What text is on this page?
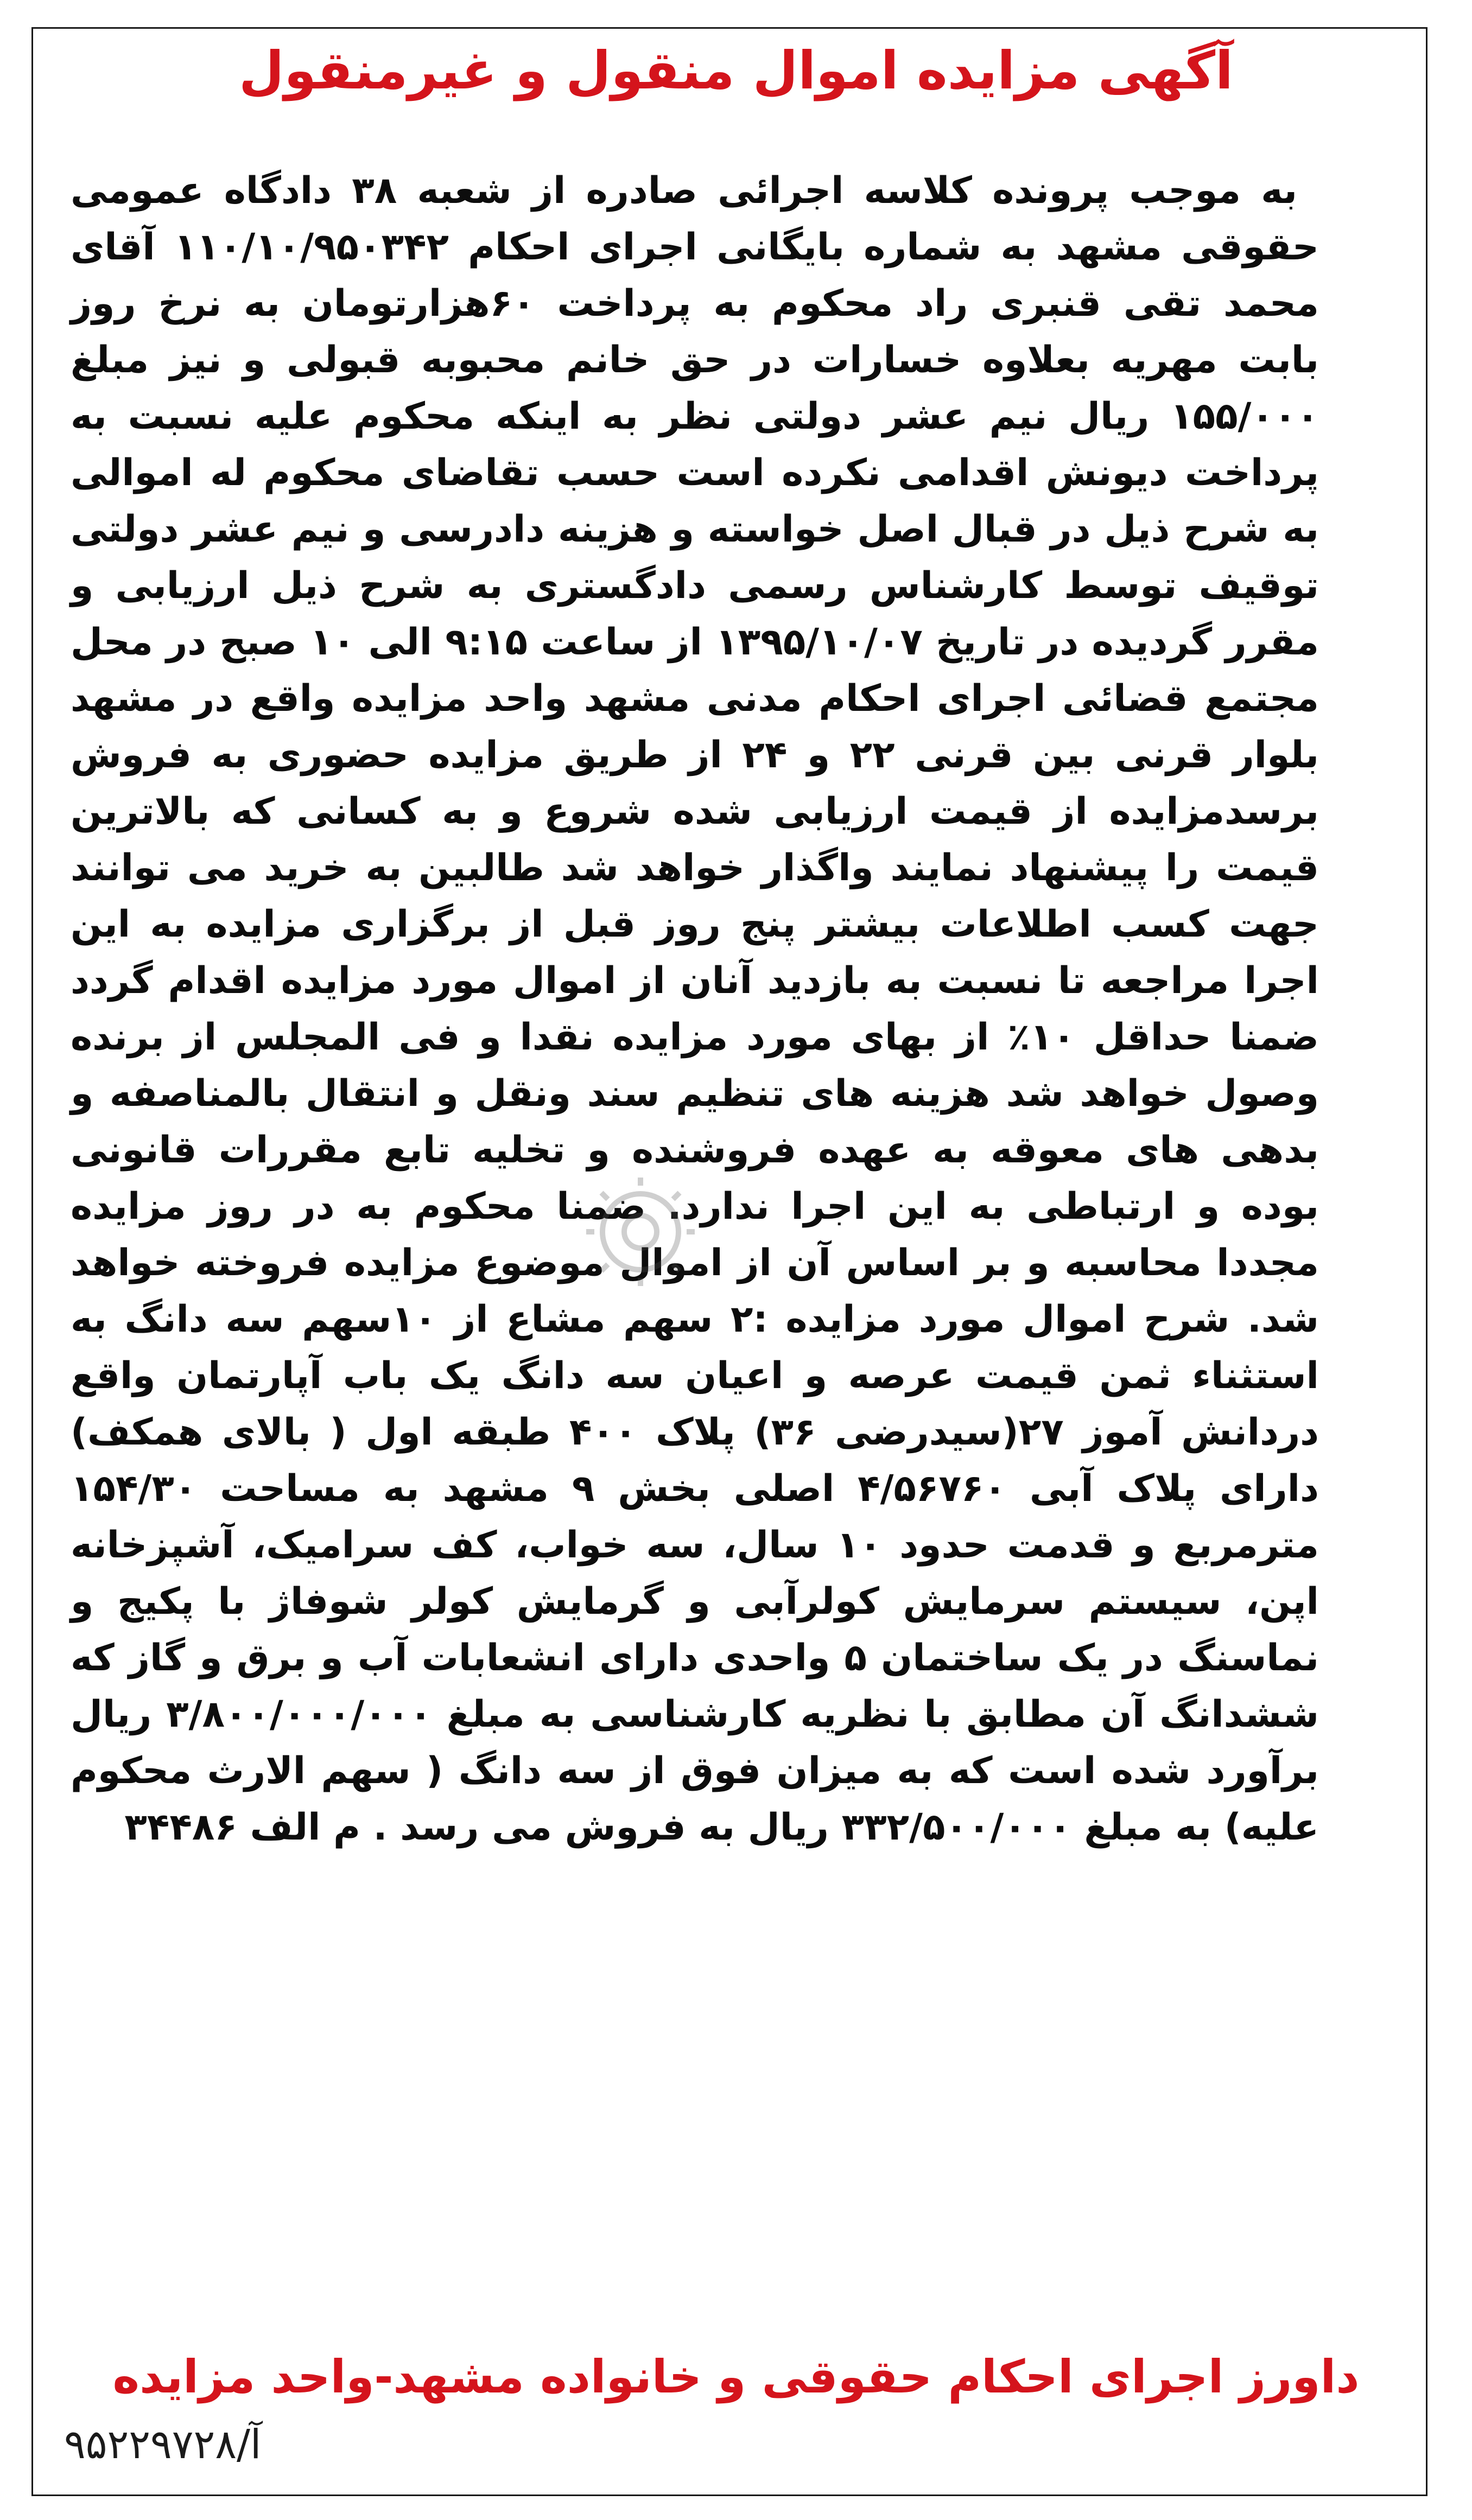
آگهی مزایده اموال منقول و غیرمنقول

به موجب پرونده کلاسه اجرائی صادره از شعبه ۳۸ دادگاه عمومی حقوقی مشهد به شماره بایگانی اجرای احکام ۱۱۰/۱۰/۹۵۰۳۴۲ آقای محمد تقی قنبری راد محکوم به پرداخت ۶۰هزارتومان به نرخ روز بابت مهریه بعلاوه خسارات در حق خانم محبوبه قبولی و نیز مبلغ ۱۵۵/۰۰۰ ریال نیم عشر دولتی نظر به اینکه محکوم علیه نسبت به پرداخت دیونش اقدامی نکرده است حسب تقاضای محکوم له اموالی به شرح ذیل در قبال اصل خواسته و هزینه دادرسی و نیم عشر دولتی توقیف توسط کارشناس رسمی دادگستری به شرح ذیل ارزیابی و مقرر گردیده در تاریخ ۱۳۹۵/۱۰/۰۷ از ساعت ۹:۱۵ الی ۱۰ صبح در محل مجتمع قضائی اجرای احکام مدنی مشهد واحد مزایده واقع در مشهد بلوار قرنی بین قرنی ۲۲ و ۲۴ از طریق مزایده حضوری به فروش برسدمزایده از قیمت ارزیابی شده شروع و به کسانی که بالاترین قیمت را پیشنهاد نمایند واگذار خواهد شد طالبین به خرید می توانند جهت کسب اطلاعات بیشتر پنج روز قبل از برگزاری مزایده به این اجرا مراجعه تا نسبت به بازدید آنان از اموال مورد مزایده اقدام گردد ضمنا حداقل ۱۰٪ از بهای مورد مزایده نقدا و فی المجلس از برنده وصول خواهد شد هزینه های تنظیم سند ونقل و انتقال بالمناصفه و بدهی های معوقه به عهده فروشنده و تخلیه تابع مقررات قانونی بوده و ارتباطی به این اجرا ندارد. ضمنا محکوم به در روز مزایده مجددا محاسبه و بر اساس آن از اموال موضوع مزایده فروخته خواهد شد. شرح اموال مورد مزایده :۲ سهم مشاع از ۱۰سهم سه دانگ به استثناء ثمن قیمت عرصه و اعیان سه دانگ یک باب آپارتمان واقع دردانش آموز ۲۷(سیدرضی ۳۶) پلاک ۴۰۰ طبقه اول ( بالای همکف) دارای پلاک آبی ۴/۵۶۷۶۰ اصلی بخش ۹ مشهد به مساحت ۱۵۴/۳۰ مترمربع و قدمت حدود ۱۰ سال، سه خواب، کف سرامیک، آشپزخانه اپن، سیستم سرمایش کولرآبی و گرمایش کولر شوفاژ با پکیج و نماسنگ در یک ساختمان ۵ واحدی دارای انشعابات آب و برق و گاز که ششدانگ آن مطابق با نظریه کارشناسی به مبلغ ۳/۸۰۰/۰۰۰/۰۰۰ ریال برآورد شده است که به میزان فوق از سه دانگ ( سهم الارث محکوم علیه) به مبلغ ۳۳۲/۵۰۰/۰۰۰ ریال به فروش می رسد . م الف ۳۴۴۸۶

داورز اجرای احکام حقوقی و خانواده مشهد-واحد مزایده
آ/۹۵۲۲۹۷۲۸
